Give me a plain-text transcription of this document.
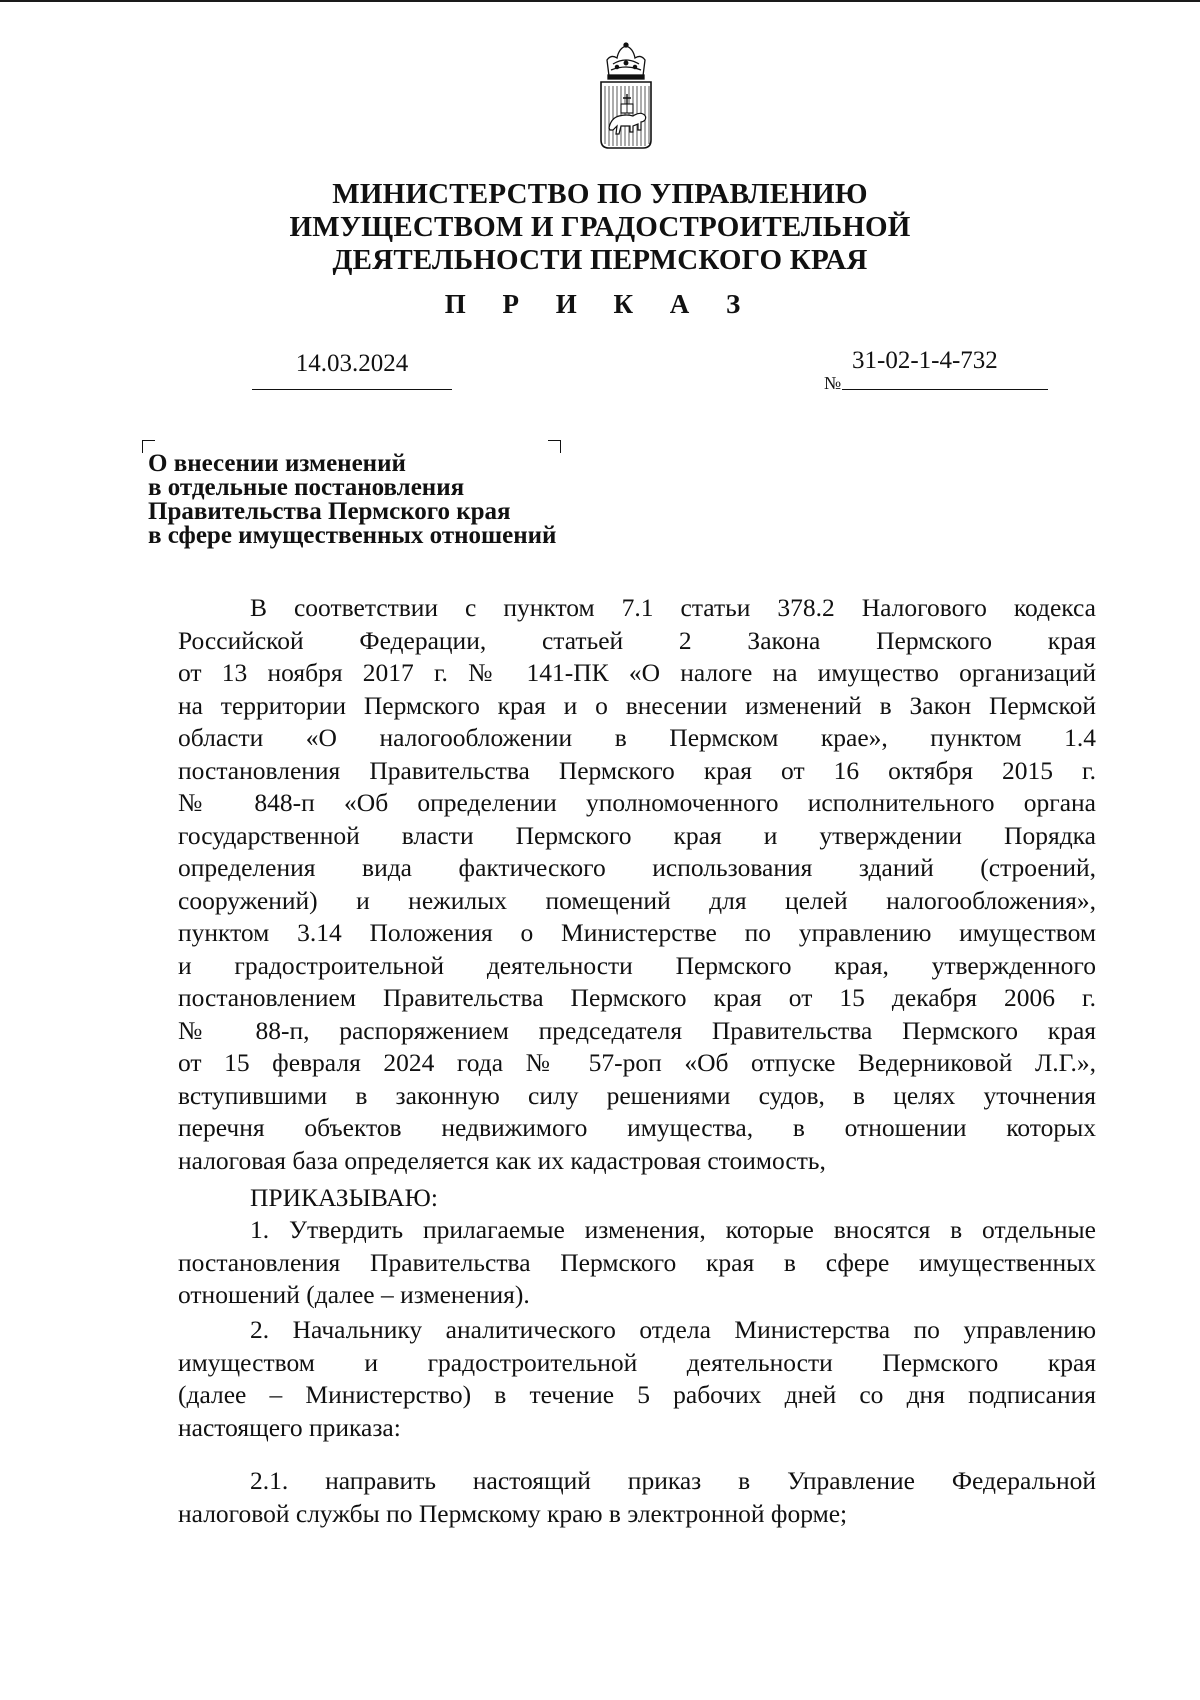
МИНИСТЕРСТВО ПО УПРАВЛЕНИЮ
ИМУЩЕСТВОМ И ГРАДОСТРОИТЕЛЬНОЙ
ДЕЯТЕЛЬНОСТИ ПЕРМСКОГО КРАЯ
П Р И К А З
14.03.2024
№
31-02-1-4-732
О внесении изменений
в отдельные постановления
Правительства Пермского края
в сфере имущественных отношений
В соответствии с пунктом 7.1 статьи 378.2 Налогового кодекса
Российской Федерации, статьей 2 Закона Пермского края
от 13 ноября 2017 г. № 141-ПК «О налоге на имущество организаций
на территории Пермского края и о внесении изменений в Закон Пермской
области «О налогообложении в Пермском крае», пунктом 1.4
постановления Правительства Пермского края от 16 октября 2015 г.
№ 848-п «Об определении уполномоченного исполнительного органа
государственной власти Пермского края и утверждении Порядка
определения вида фактического использования зданий (строений,
сооружений) и нежилых помещений для целей налогообложения»,
пунктом 3.14 Положения о Министерстве по управлению имуществом
и градостроительной деятельности Пермского края, утвержденного
постановлением Правительства Пермского края от 15 декабря 2006 г.
№ 88-п, распоряжением председателя Правительства Пермского края
от 15 февраля 2024 года № 57-роп «Об отпуске Ведерниковой Л.Г.»,
вступившими в законную силу решениями судов, в целях уточнения
перечня объектов недвижимого имущества, в отношении которых
налоговая база определяется как их кадастровая стоимость,
ПРИКАЗЫВАЮ:
1. Утвердить прилагаемые изменения, которые вносятся в отдельные
постановления Правительства Пермского края в сфере имущественных
отношений (далее – изменения).
2. Начальнику аналитического отдела Министерства по управлению
имуществом и градостроительной деятельности Пермского края
(далее – Министерство) в течение 5 рабочих дней со дня подписания
настоящего приказа:
2.1. направить настоящий приказ в Управление Федеральной
налоговой службы по Пермскому краю в электронной форме;
